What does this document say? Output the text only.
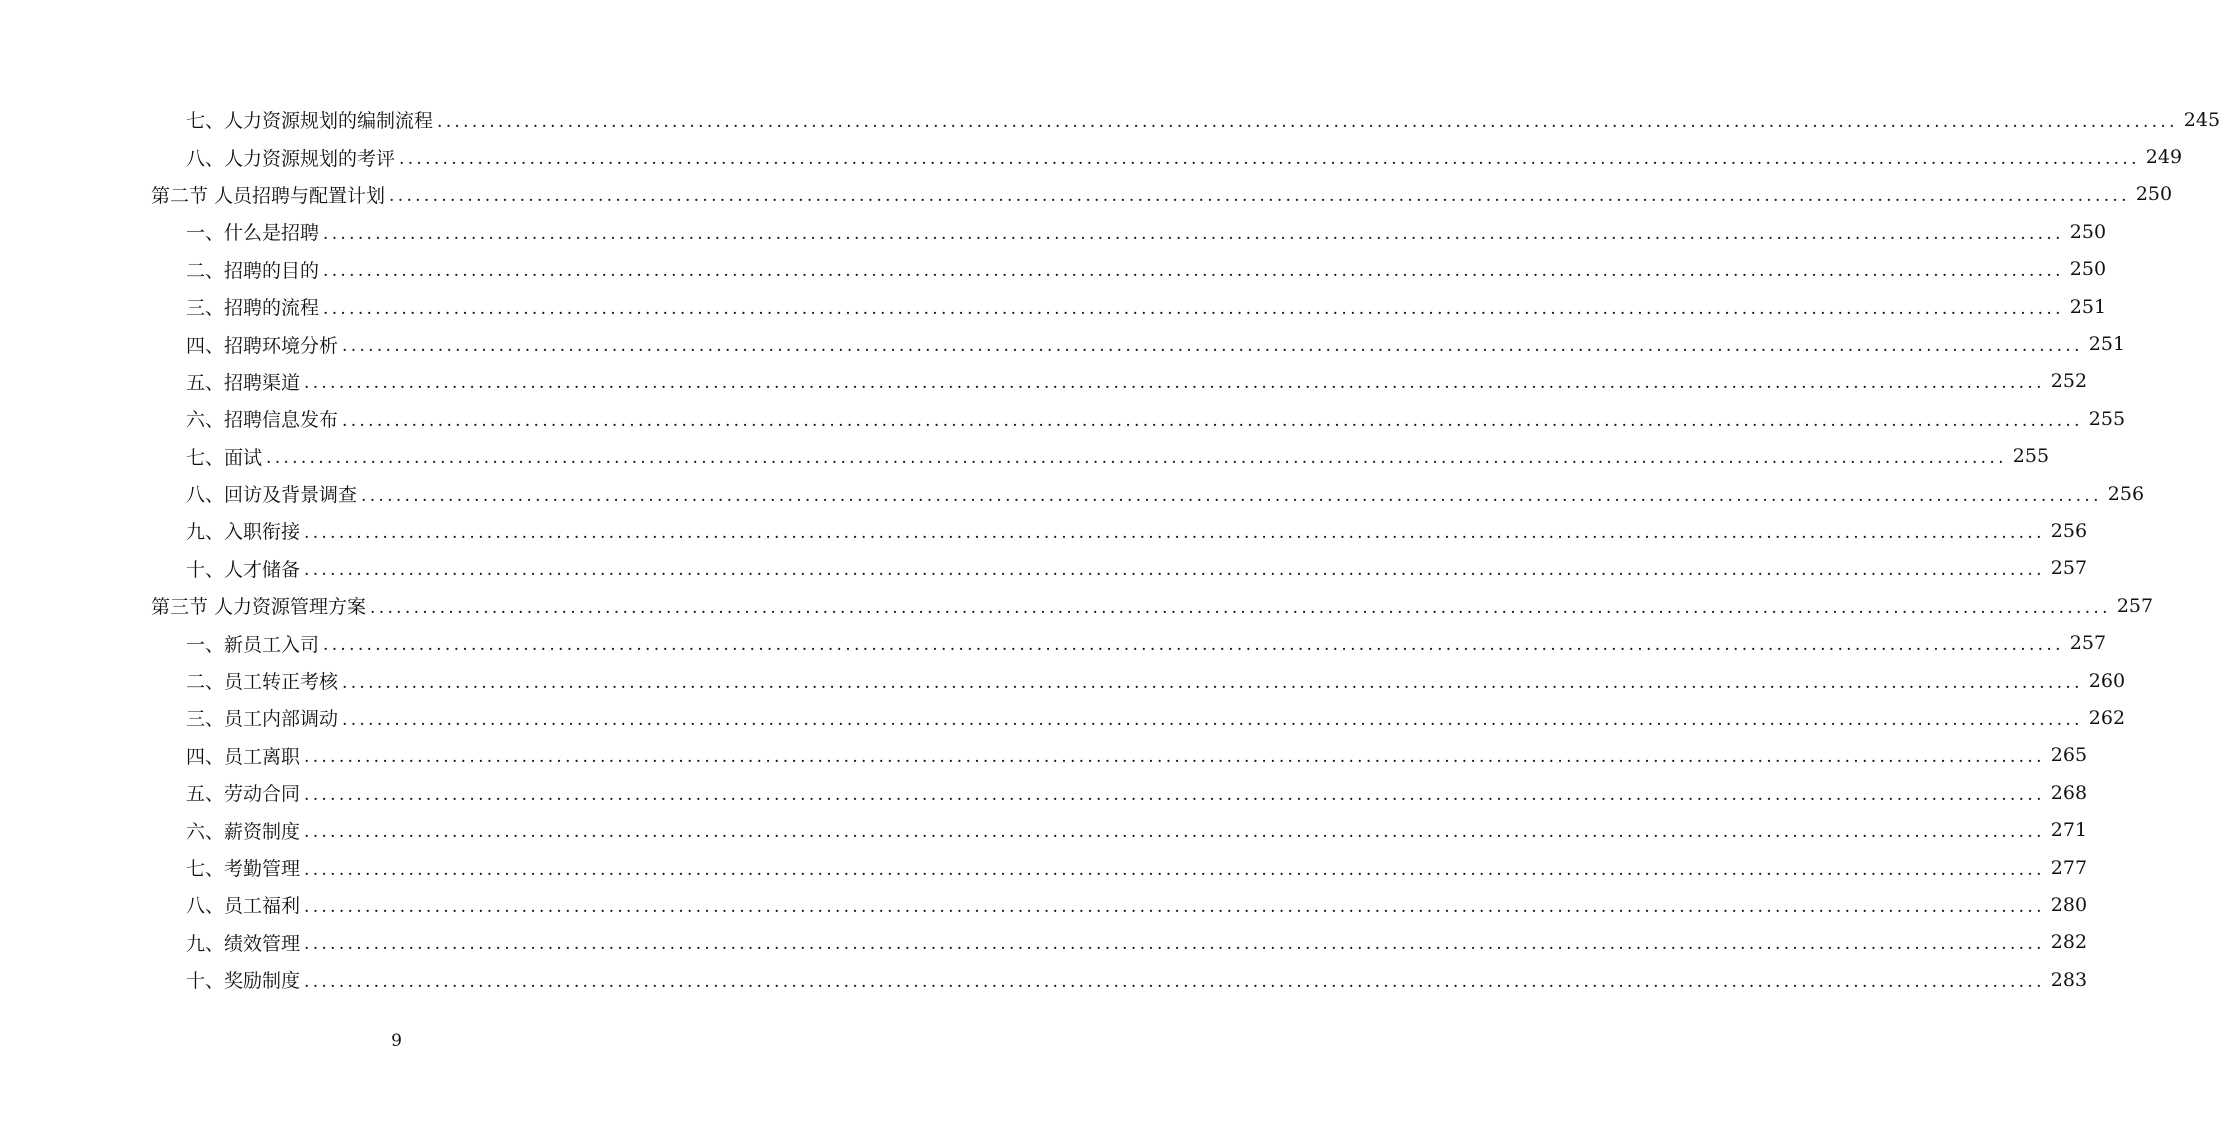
七、人力资源规划的编制流程 ........................................................................................................................................................................................................ 245
八、人力资源规划的考评 ........................................................................................................................................................................................................ 249
第二节 人员招聘与配置计划 ........................................................................................................................................................................................................ 250
一、什么是招聘 ........................................................................................................................................................................................................ 250
二、招聘的目的 ........................................................................................................................................................................................................ 250
三、招聘的流程 ........................................................................................................................................................................................................ 251
四、招聘环境分析 ........................................................................................................................................................................................................ 251
五、招聘渠道 ........................................................................................................................................................................................................ 252
六、招聘信息发布 ........................................................................................................................................................................................................ 255
七、面试 ........................................................................................................................................................................................................ 255
八、回访及背景调查 ........................................................................................................................................................................................................ 256
九、入职衔接 ........................................................................................................................................................................................................ 256
十、人才储备 ........................................................................................................................................................................................................ 257
第三节 人力资源管理方案 ........................................................................................................................................................................................................ 257
一、新员工入司 ........................................................................................................................................................................................................ 257
二、员工转正考核 ........................................................................................................................................................................................................ 260
三、员工内部调动 ........................................................................................................................................................................................................ 262
四、员工离职 ........................................................................................................................................................................................................ 265
五、劳动合同 ........................................................................................................................................................................................................ 268
六、薪资制度 ........................................................................................................................................................................................................ 271
七、考勤管理 ........................................................................................................................................................................................................ 277
八、员工福利 ........................................................................................................................................................................................................ 280
九、绩效管理 ........................................................................................................................................................................................................ 282
十、奖励制度 ........................................................................................................................................................................................................ 283
9
